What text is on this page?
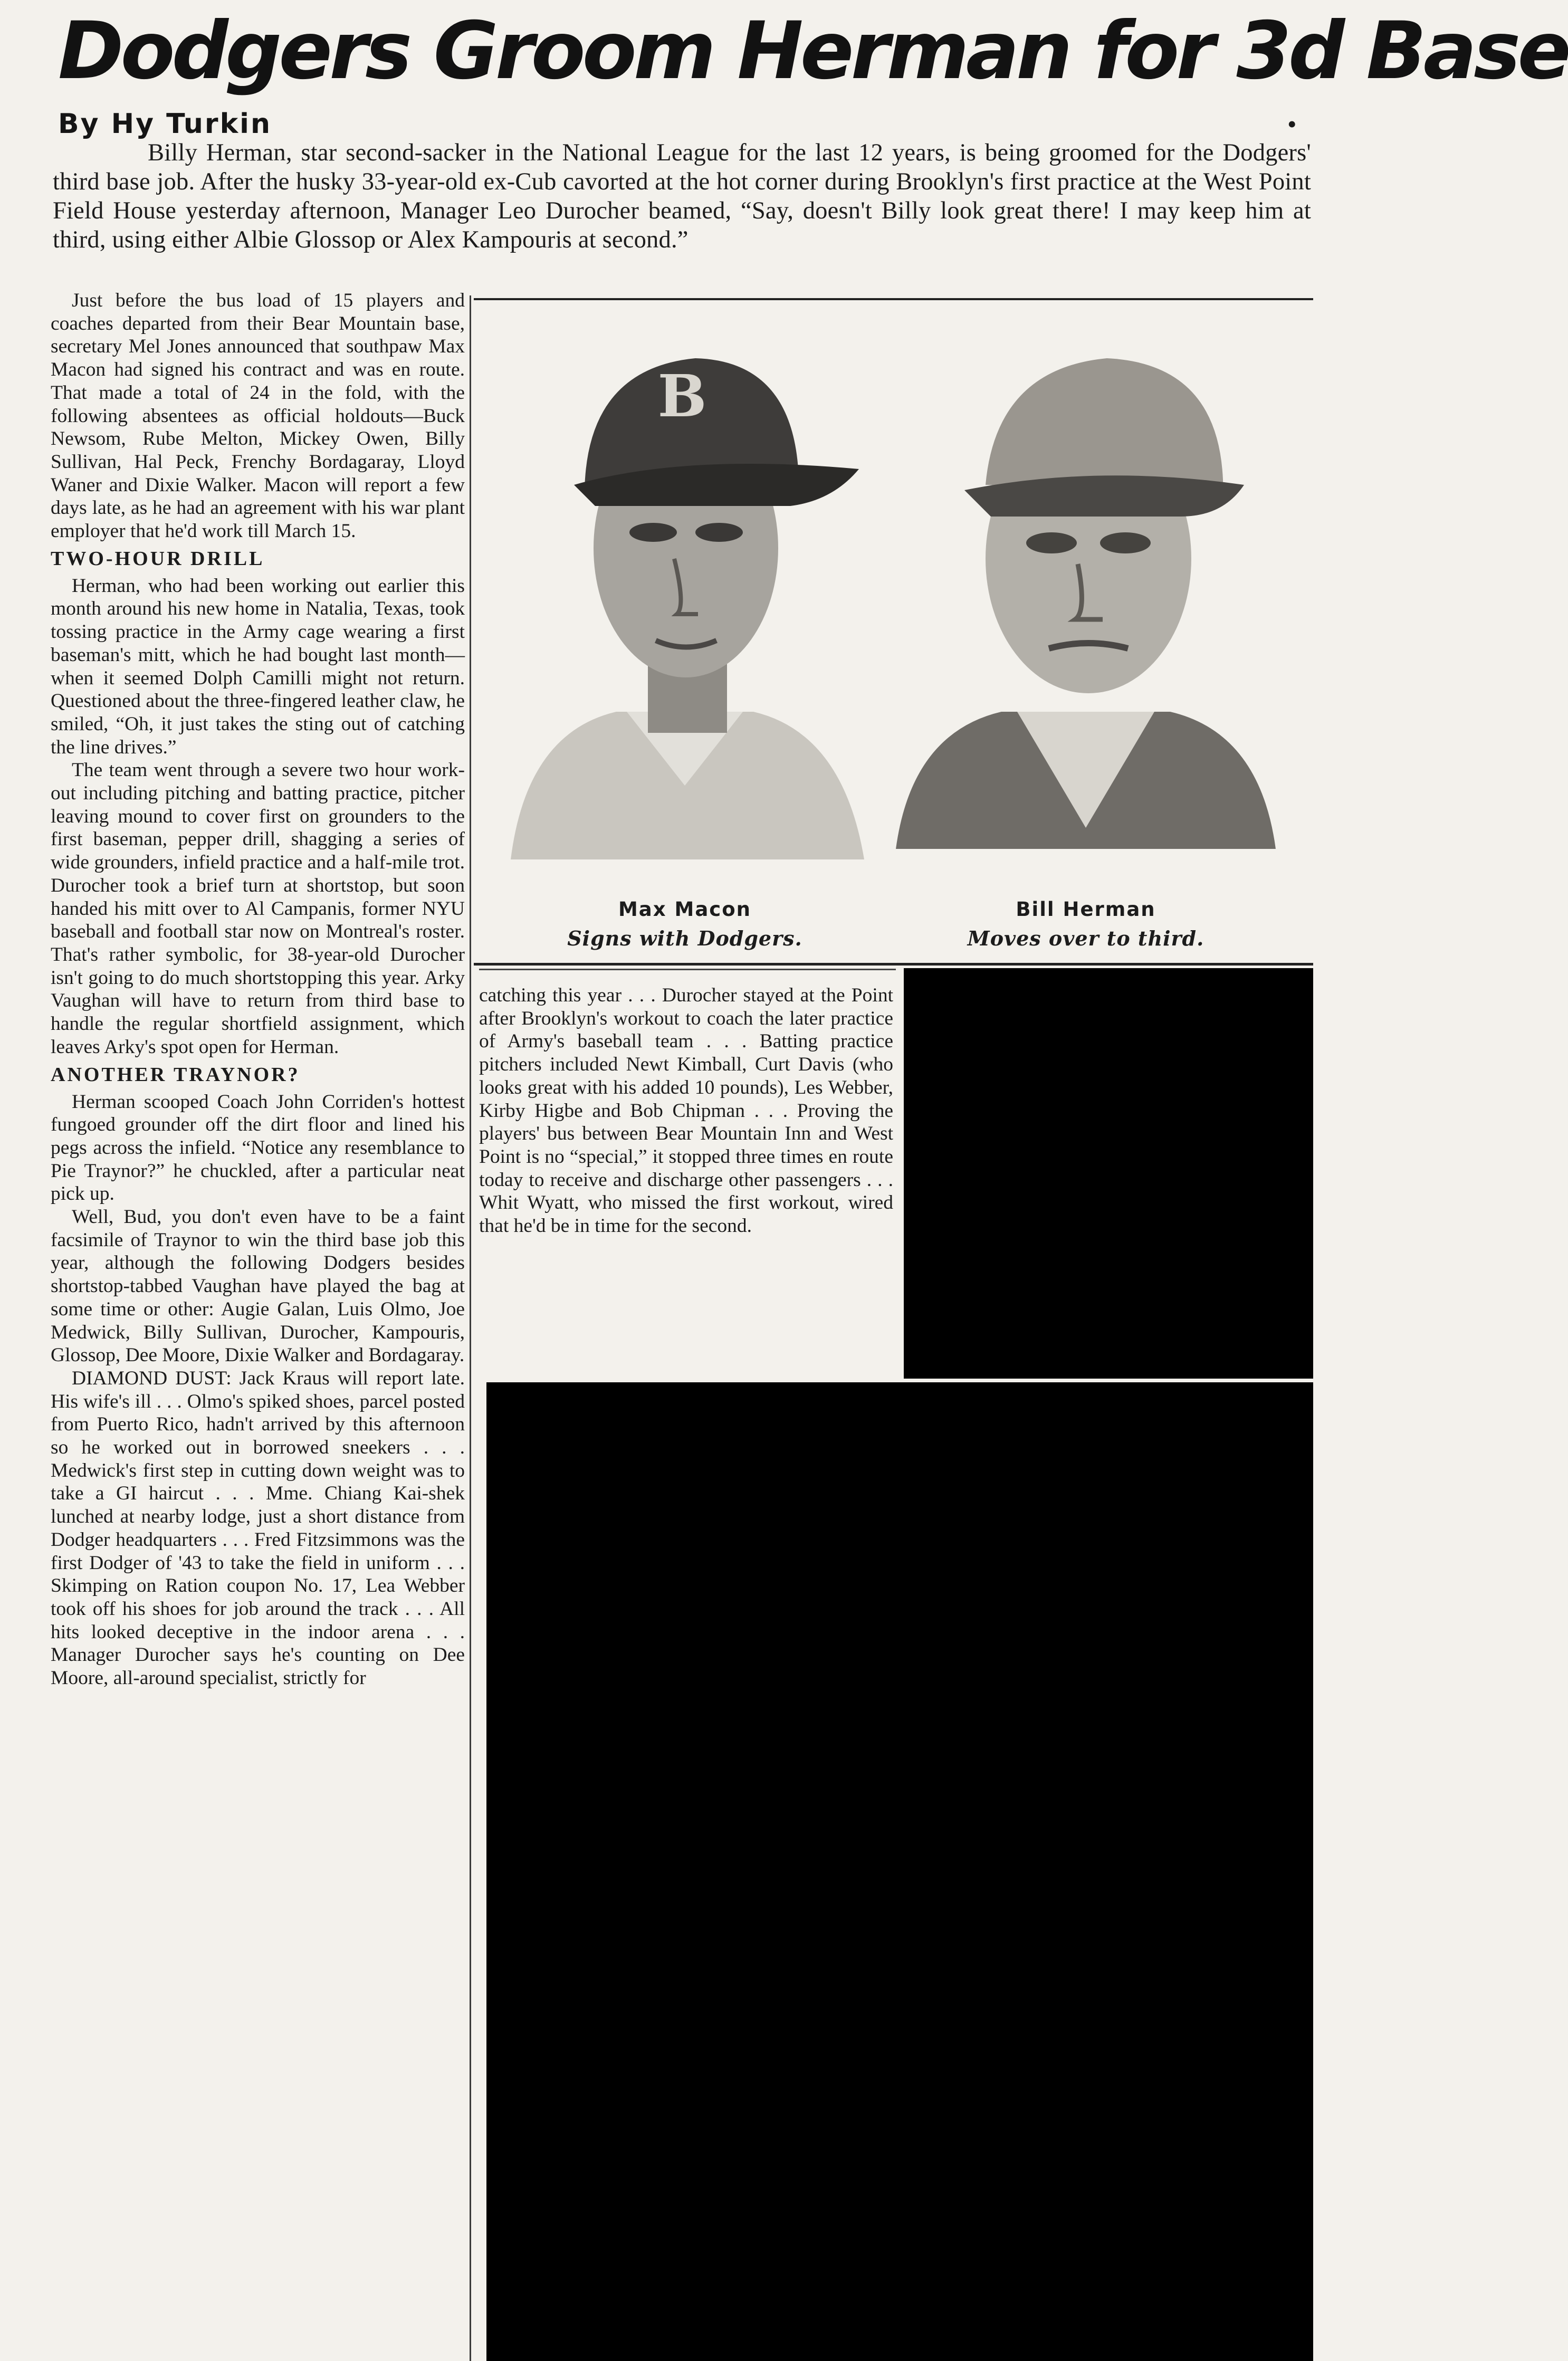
Dodgers Groom Herman for 3d Base
By Hy Turkin	•
Billy Herman, star second-sacker in the National League for the last 12 years, is being groomed for the Dodgers' third base job. After the husky 33-year-old ex-Cub cavorted at the hot corner during Brooklyn's first practice at the West Point Field House yesterday afternoon, Manager Leo Durocher beamed, “Say, doesn't Billy look great there! I may keep him at third, using either Albie Glossop or Alex Kampouris at second.”

Just before the bus load of 15 players and coaches departed from their Bear Mountain base, secretary Mel Jones announced that southpaw Max Macon had signed his contract and was en route. That made a total of 24 in the fold, with the following absentees as official holdouts—Buck Newsom, Rube Melton, Mickey Owen, Billy Sullivan, Hal Peck, Frenchy Bordagaray, Lloyd Waner and Dixie Walker. Macon will report a few days late, as he had an agreement with his war plant employer that he'd work till March 15.

TWO-HOUR DRILL

Herman, who had been working out earlier this month around his new home in Natalia, Texas, took tossing practice in the Army cage wearing a first baseman's mitt, which he had bought last month—when it seemed Dolph Camilli might not return. Questioned about the three-fingered leather claw, he smiled, “Oh, it just takes the sting out of catching the line drives.”

The team went through a severe two hour work-out including pitching and batting practice, pitcher leaving mound to cover first on grounders to the first baseman, pepper drill, shagging a series of wide grounders, infield practice and a half-mile trot. Durocher took a brief turn at shortstop, but soon handed his mitt over to Al Campanis, former NYU baseball and football star now on Montreal's roster. That's rather symbolic, for 38-year-old Durocher isn't going to do much shortstopping this year. Arky Vaughan will have to return from third base to handle the regular shortfield assignment, which leaves Arky's spot open for Herman.

ANOTHER TRAYNOR?

Herman scooped Coach John Corriden's hottest fungoed grounder off the dirt floor and lined his pegs across the infield. “Notice any resemblance to Pie Traynor?” he chuckled, after a particular neat pick up.

Well, Bud, you don't even have to be a faint facsimile of Traynor to win the third base job this year, although the following Dodgers besides shortstop-tabbed Vaughan have played the bag at some time or other: Augie Galan, Luis Olmo, Joe Medwick, Billy Sullivan, Durocher, Kampouris, Glossop, Dee Moore, Dixie Walker and Bordagaray.

DIAMOND DUST: Jack Kraus will report late. His wife's ill . . . Olmo's spiked shoes, parcel posted from Puerto Rico, hadn't arrived by this afternoon so he worked out in borrowed sneekers . . . Medwick's first step in cutting down weight was to take a GI haircut . . . Mme. Chiang Kai-shek lunched at nearby lodge, just a short distance from Dodger headquarters . . . Fred Fitzsimmons was the first Dodger of '43 to take the field in uniform . . . Skimping on Ration coupon No. 17, Lea Webber took off his shoes for job around the track . . . All hits looked deceptive in the indoor arena . . . Manager Durocher says he's counting on Dee Moore, all-around specialist, strictly for

B
Max Macon
Signs with Dodgers.
Bill Herman
Moves over to third.

catching this year . . . Durocher stayed at the Point after Brooklyn's workout to coach the later practice of Army's baseball team . . . Batting practice pitchers included Newt Kimball, Curt Davis (who looks great with his added 10 pounds), Les Webber, Kirby Higbe and Bob Chipman . . . Proving the players' bus between Bear Mountain Inn and West Point is no “special,” it stopped three times en route today to receive and discharge other passengers . . . Whit Wyatt, who missed the first workout, wired that he'd be in time for the second.
